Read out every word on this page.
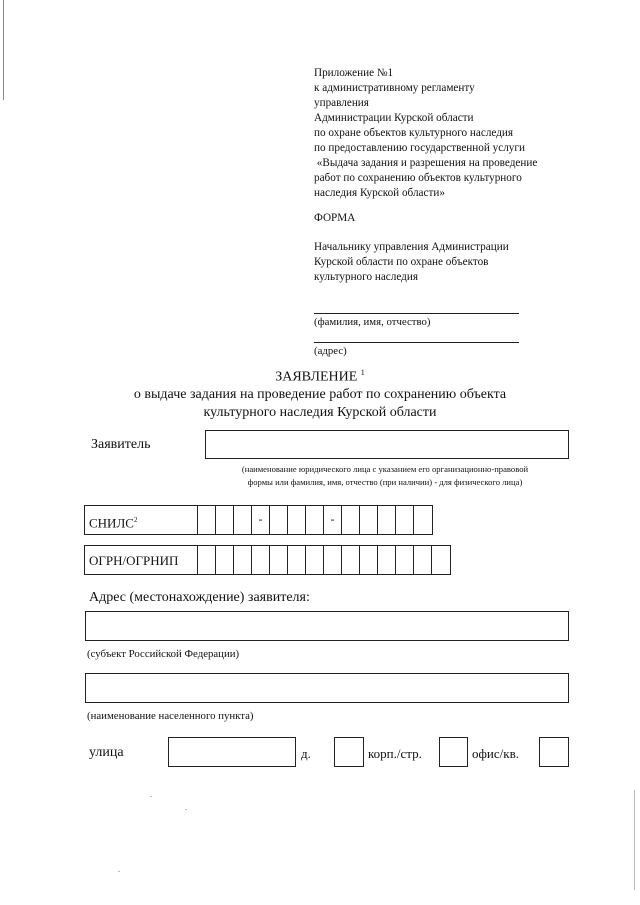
Приложение №1
к административному регламенту
управления
Администрации Курской области
по охране объектов культурного наследия
по предоставлению государственной услуги
«Выдача задания и разрешения на проведение
работ по сохранению объектов культурного
наследия Курской области»
ФОРМА
Начальнику управления Администрации
Курской области по охране объектов
культурного наследия
(фамилия, имя, отчество)
(адрес)
ЗАЯВЛЕНИЕ $^1$
о выдаче задания на проведение работ по сохранению объекта
культурного наследия Курской области
Заявитель
(наименование юридического лица с указанием его организационно-правовой
формы или фамилия, имя, отчество (при наличии) - для физического лица)
СНИЛС$^2$	-	-
ОГРН/ОГРНИП
Адрес (местонахождение) заявителя:
(субъект Российской Федерации)
(наименование населенного пункта)
улица	д.	корп./стр.	офис/кв.
